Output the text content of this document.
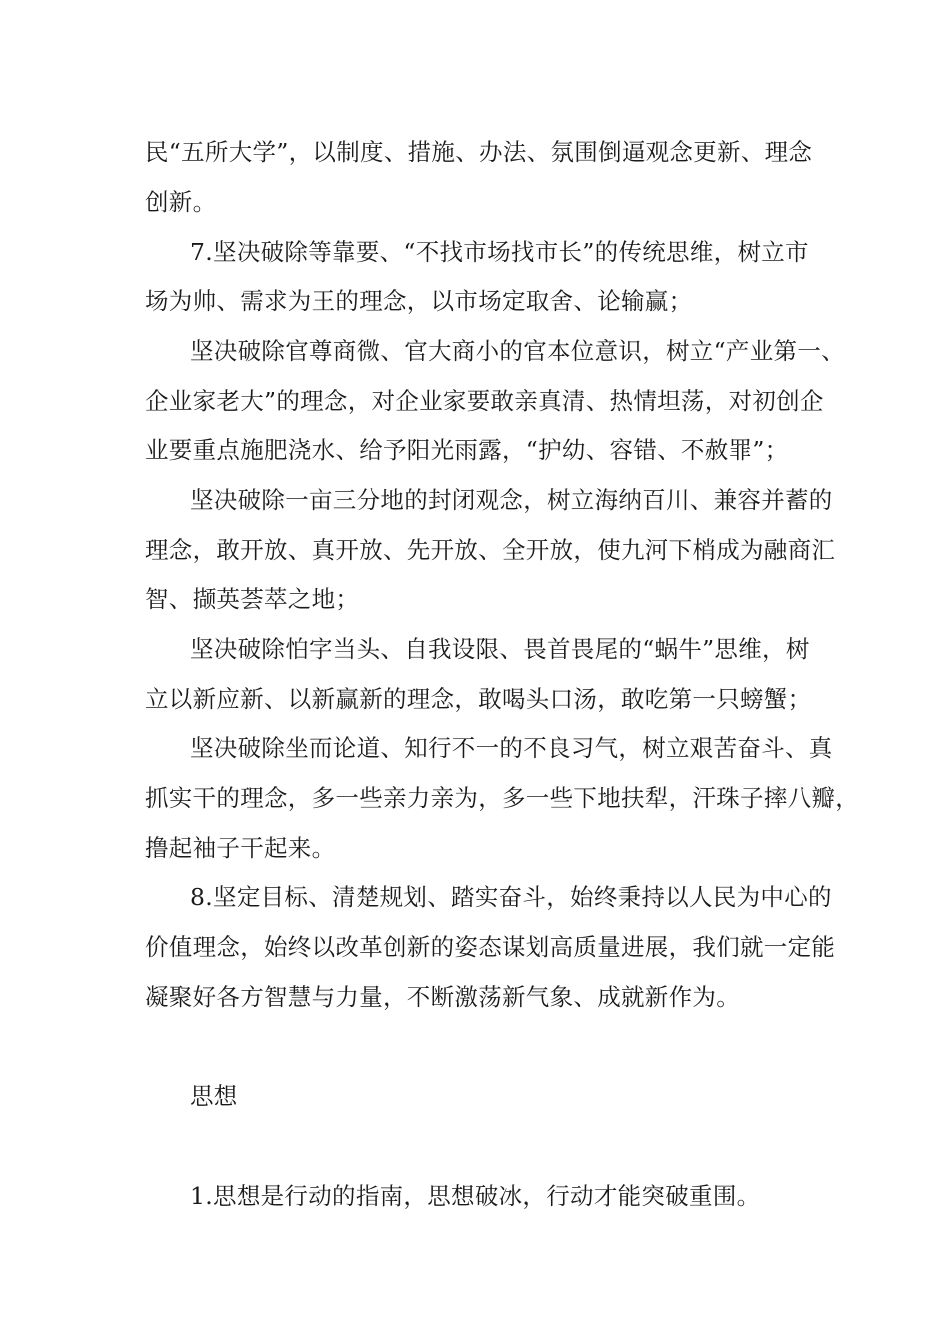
民“五所大学”，以制度、措施、办法、氛围倒逼观念更新、理念
创新。
7.坚决破除等靠要、“不找市场找市长”的传统思维，树立市
场为帅、需求为王的理念，以市场定取舍、论输赢；
坚决破除官尊商微、官大商小的官本位意识，树立“产业第一、
企业家老大”的理念，对企业家要敢亲真清、热情坦荡，对初创企
业要重点施肥浇水、给予阳光雨露，“护幼、容错、不赦罪”；
坚决破除一亩三分地的封闭观念，树立海纳百川、兼容并蓄的
理念，敢开放、真开放、先开放、全开放，使九河下梢成为融商汇
智、撷英荟萃之地；
坚决破除怕字当头、自我设限、畏首畏尾的“蜗牛”思维，树
立以新应新、以新赢新的理念，敢喝头口汤，敢吃第一只螃蟹；
坚决破除坐而论道、知行不一的不良习气，树立艰苦奋斗、真
抓实干的理念，多一些亲力亲为，多一些下地扶犁，汗珠子摔八瓣，
撸起袖子干起来。
8.坚定目标、清楚规划、踏实奋斗，始终秉持以人民为中心的
价值理念，始终以改革创新的姿态谋划高质量进展，我们就一定能
凝聚好各方智慧与力量，不断激荡新气象、成就新作为。
思想
1.思想是行动的指南，思想破冰，行动才能突破重围。
